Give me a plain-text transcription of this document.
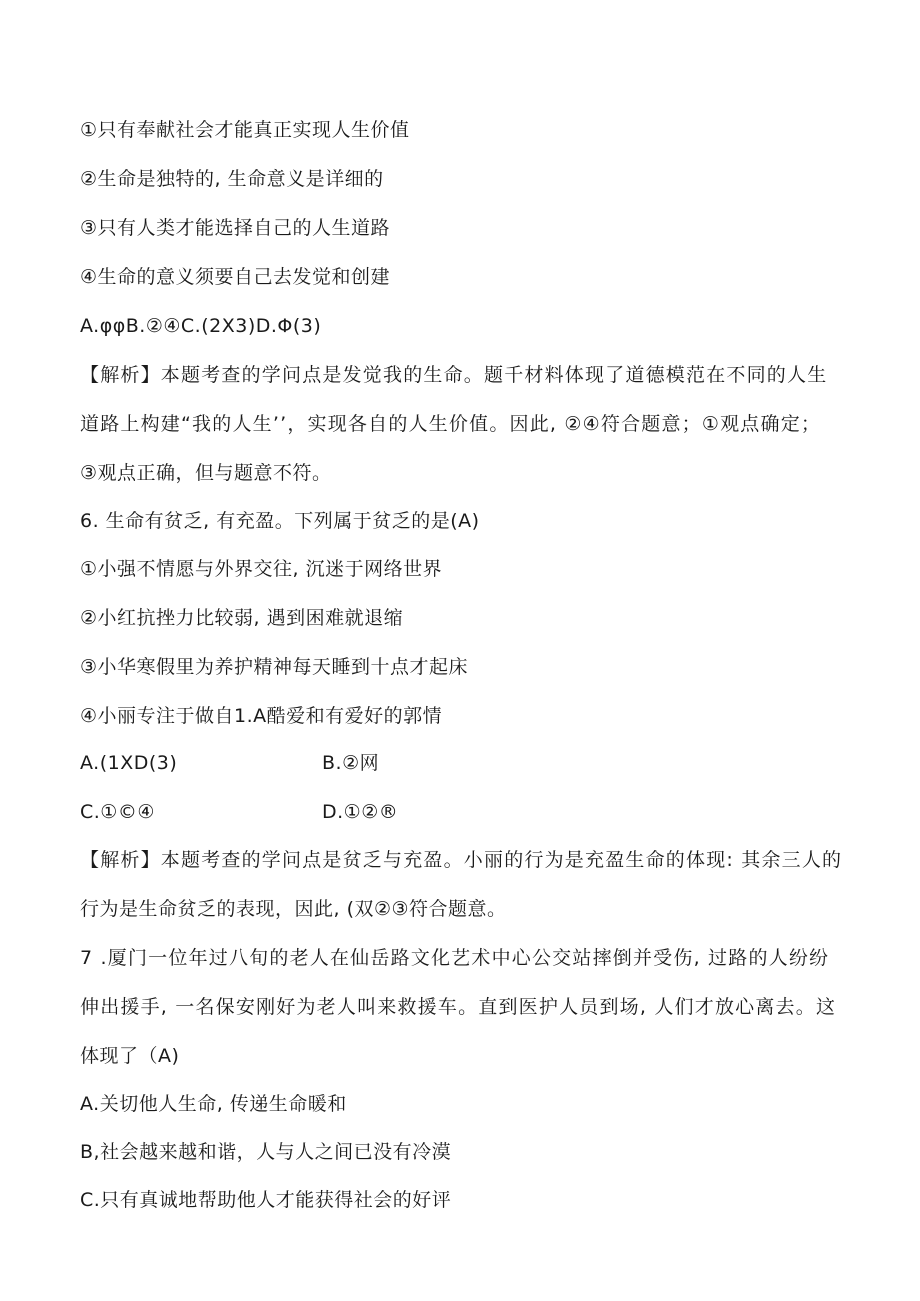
①只有奉献社会才能真正实现人生价值
②生命是独特的, 生命意义是详细的
③只有人类才能选择自己的人生道路
④生命的意义须要自己去发觉和创建
A.φφB.②④C.(2X3)D.Φ(3)
【解析】本题考查的学问点是发觉我的生命。题千材料体现了道德模范在不同的人生
道路上构建“我的人生’’，实现各自的人生价值。因此, ②④符合题意；①观点确定；
③观点正确，但与题意不符。
6. 生命有贫乏, 有充盈。下列属于贫乏的是(A)
①小强不情愿与外界交往, 沉迷于网络世界
②小红抗挫力比较弱, 遇到困难就退缩
③小华寒假里为养护精神每天睡到十点才起床
④小丽专注于做自1.A酷爱和有爱好的郭情
A.(1XD(3)	B.②网
C.①©④	D.①②®
【解析】本题考查的学问点是贫乏与充盈。小丽的行为是充盈生命的体现: 其余三人的
行为是生命贫乏的表现，因此, (双②③符合题意。
7 .厦门一位年过八旬的老人在仙岳路文化艺术中心公交站摔倒并受伤, 过路的人纷纷
伸出援手, 一名保安刚好为老人叫来救援车。直到医护人员到场, 人们才放心离去。这
体现了（A)
A.关切他人生命, 传递生命暖和
B,社会越来越和谐，人与人之间已没有冷漠
C.只有真诚地帮助他人才能获得社会的好评
